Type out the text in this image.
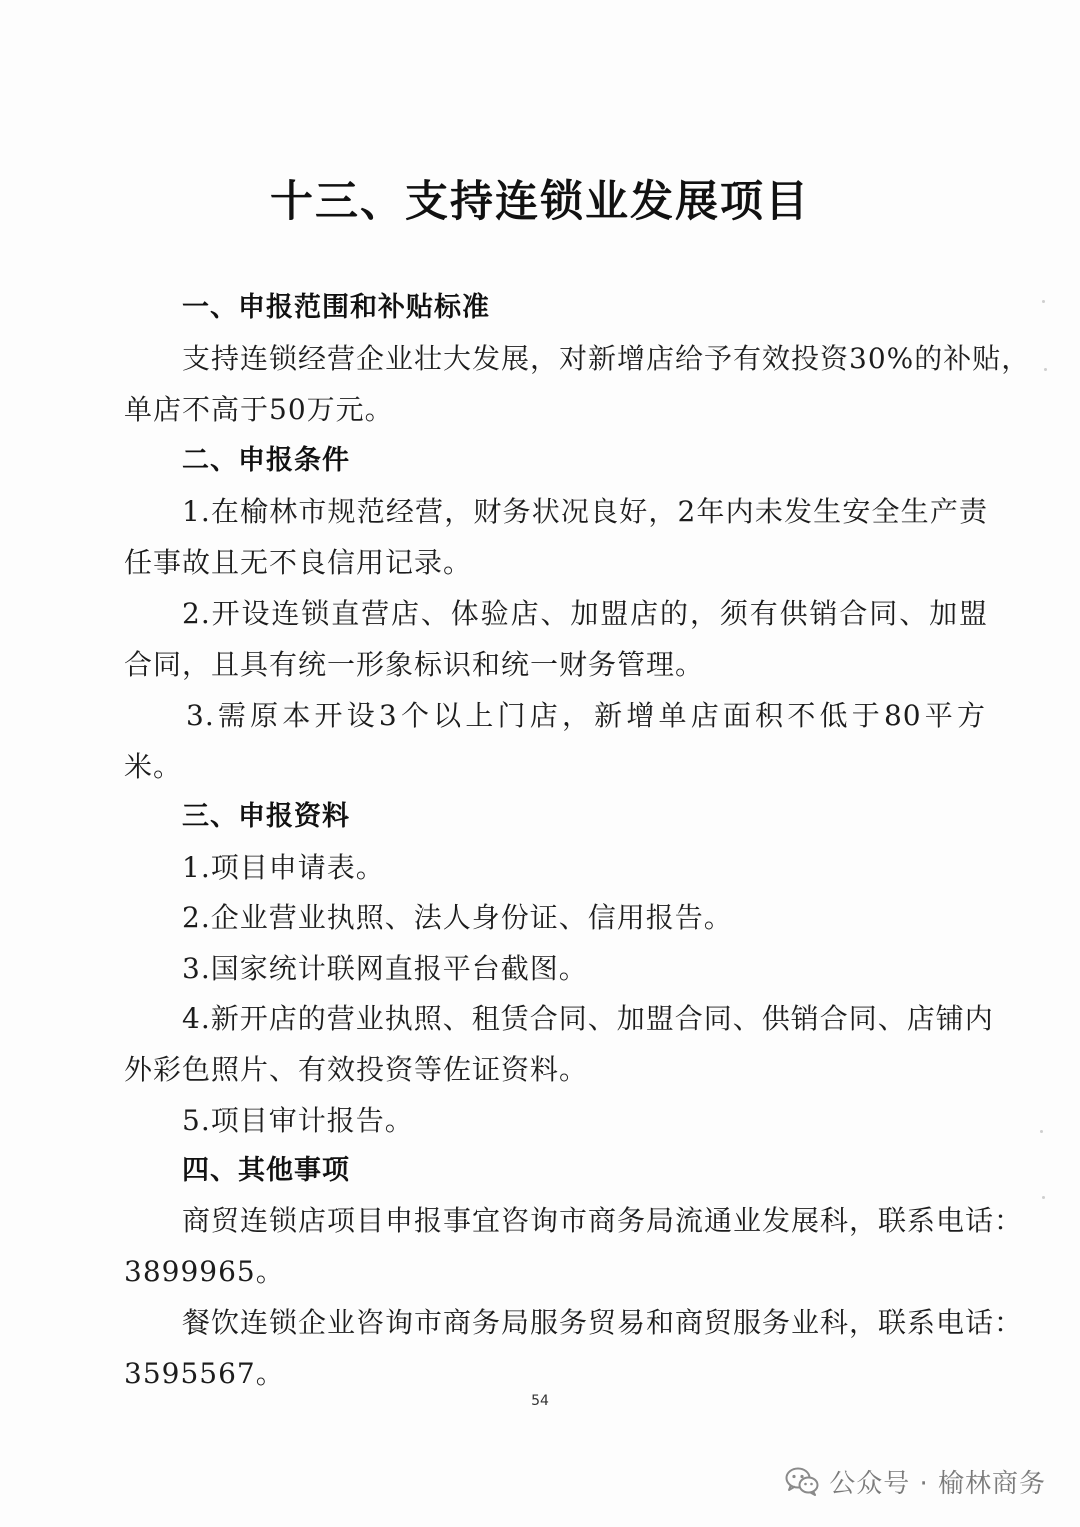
十三、支持连锁业发展项目
一、申报范围和补贴标准
支持连锁经营企业壮大发展，对新增店给予有效投资30%的补贴，
单店不高于50万元。
二、申报条件
1.在榆林市规范经营，财务状况良好，2年内未发生安全生产责
任事故且无不良信用记录。
2.开设连锁直营店、体验店、加盟店的，须有供销合同、加盟
合同，且具有统一形象标识和统一财务管理。
3.需原本开设3个以上门店，新增单店面积不低于80平方
米。
三、申报资料
1.项目申请表。
2.企业营业执照、法人身份证、信用报告。
3.国家统计联网直报平台截图。
4.新开店的营业执照、租赁合同、加盟合同、供销合同、店铺内
外彩色照片、有效投资等佐证资料。
5.项目审计报告。
四、其他事项
商贸连锁店项目申报事宜咨询市商务局流通业发展科，联系电话：
3899965。
餐饮连锁企业咨询市商务局服务贸易和商贸服务业科，联系电话：
3595567。
54
公众号 · 榆林商务
